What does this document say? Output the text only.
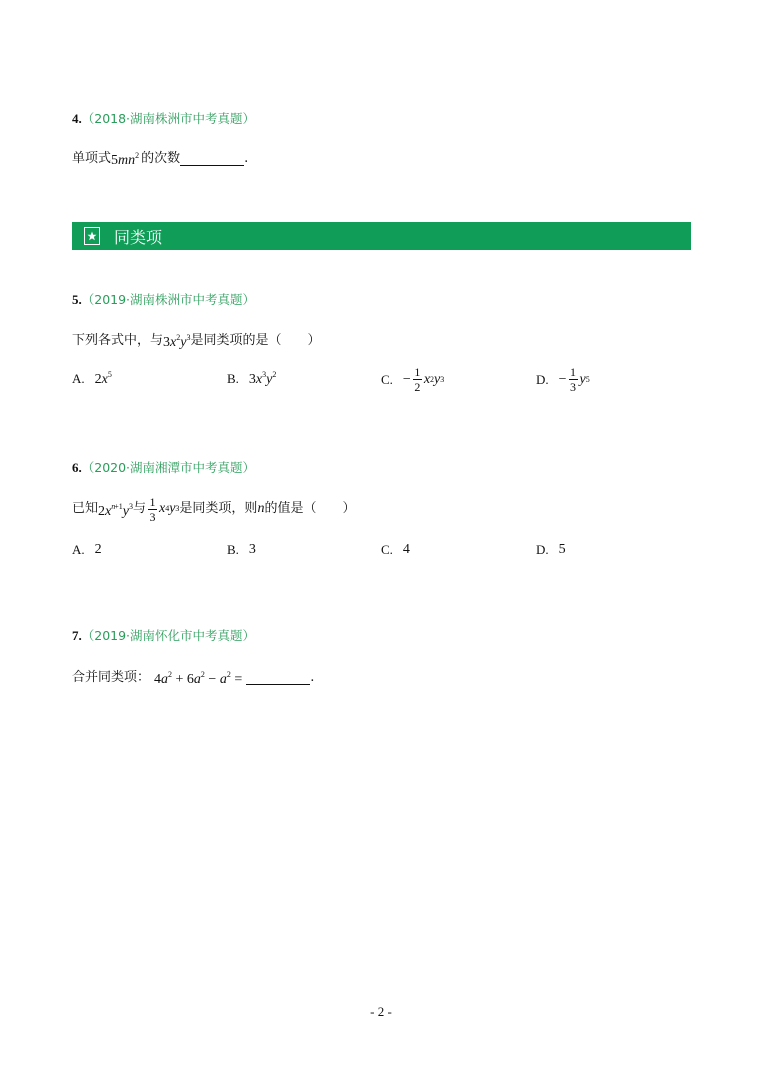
4.（2018·湖南株洲市中考真题）
单项式 $5mn^2$ 的次数	.
同类项
5.（2019·湖南株洲市中考真题）
下列各式中，与 $3x^2y^3$ 是同类项的是（　　）
A. $2x^5$	B. $3x^3y^2$	C. − $\frac{1}{2}$ x 2 y 3	D. − $\frac{1}{3}$ y 5
6.（2020·湖南湘潭市中考真题）
已知 $2x^{n+1}y^3$ 与 $\frac{1}{3}$ x 4 y 3 是同类项，则 n 的值是（　　）
A. 2	B. 3	C. 4	D. 5
7.（2019·湖南怀化市中考真题）
合并同类项： $4a^2 + 6a^2 - a^2$ =	.
- 2 -
